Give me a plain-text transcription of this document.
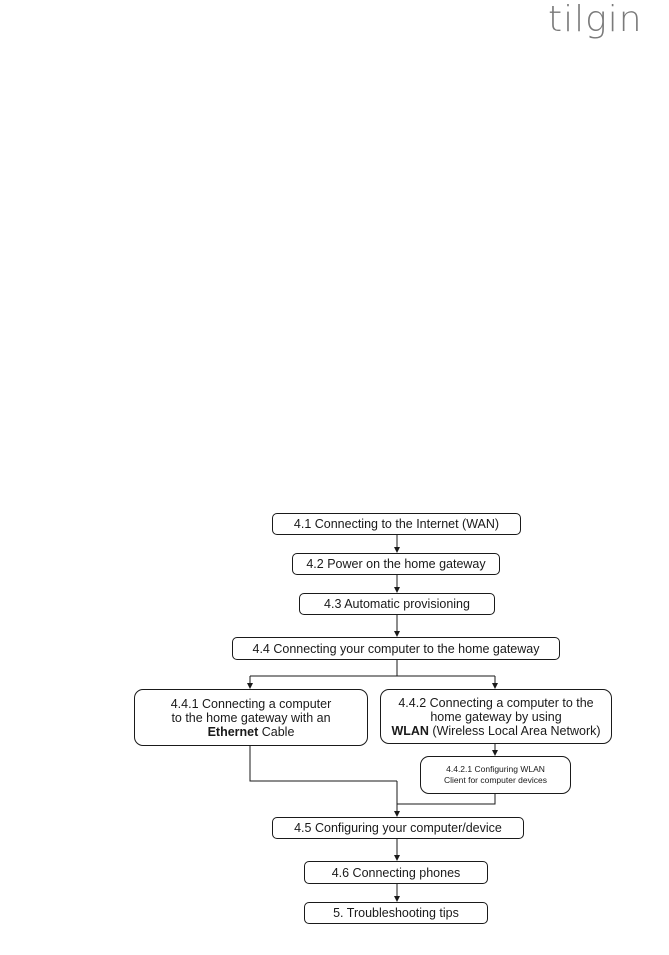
tilgin
4.1 Connecting to the Internet (WAN)
4.2 Power on the home gateway
4.3 Automatic provisioning
4.4 Connecting your computer to the home gateway
4.4.1 Connecting a computer
to the home gateway with an
Ethernet Cable
4.4.2 Connecting a computer to the
home gateway by using
WLAN (Wireless Local Area Network)
4.4.2.1 Configuring WLAN
Client for computer devices
4.5 Configuring your computer/device
4.6 Connecting phones
5. Troubleshooting tips
